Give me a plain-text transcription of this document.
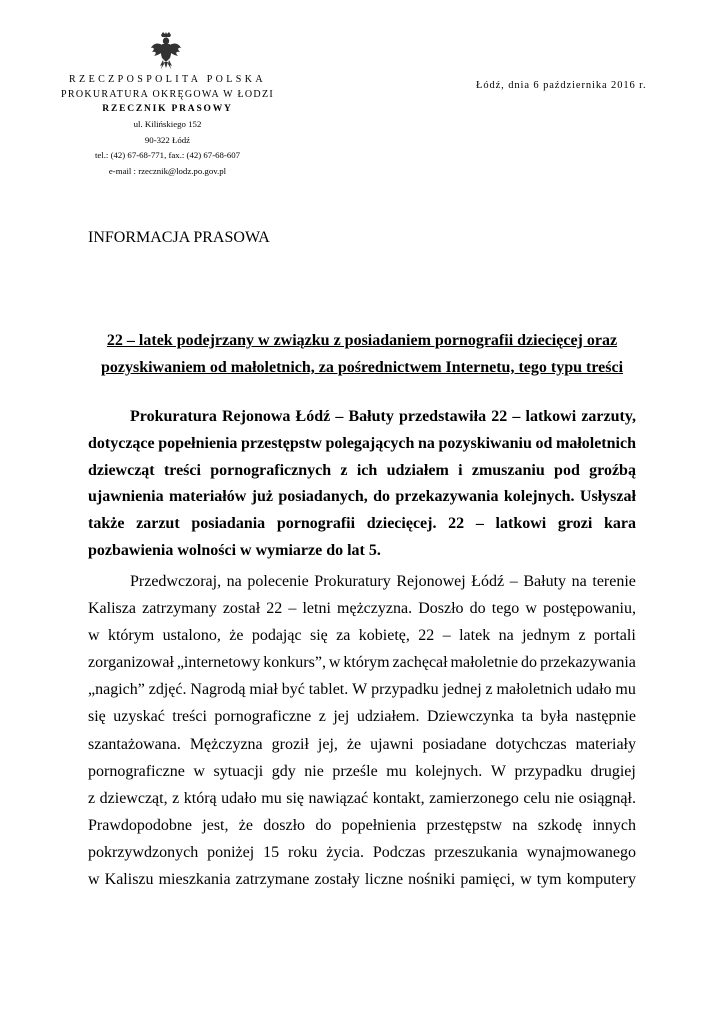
RZECZPOSPOLITA POLSKA
PROKURATURA OKRĘGOWA W ŁODZI
RZECZNIK PRASOWY
ul. Kilińskiego 152
90-322 Łódź
tel.: (42) 67-68-771, fax.: (42) 67-68-607
e-mail : rzecznik@lodz.po.gov.pl
Łódź, dnia 6 października 2016 r.
INFORMACJA PRASOWA
22 – latek podejrzany w związku z posiadaniem pornografii dziecięcej oraz
pozyskiwaniem od małoletnich, za pośrednictwem Internetu, tego typu treści
Prokuratura Rejonowa Łódź – Bałuty przedstawiła 22 – latkowi zarzuty,
dotyczące popełnienia przestępstw polegających na pozyskiwaniu od małoletnich
dziewcząt treści pornograficznych z ich udziałem i zmuszaniu pod groźbą
ujawnienia materiałów już posiadanych, do przekazywania kolejnych. Usłyszał
także zarzut posiadania pornografii dziecięcej. 22 – latkowi grozi kara
pozbawienia wolności w wymiarze do lat 5.
Przedwczoraj, na polecenie Prokuratury Rejonowej Łódź – Bałuty na terenie
Kalisza zatrzymany został 22 – letni mężczyzna. Doszło do tego w postępowaniu,
w którym ustalono, że podając się za kobietę, 22 – latek na jednym z portali
zorganizował „internetowy konkurs”, w którym zachęcał małoletnie do przekazywania
„nagich” zdjęć. Nagrodą miał być tablet. W przypadku jednej z małoletnich udało mu
się uzyskać treści pornograficzne z jej udziałem. Dziewczynka ta była następnie
szantażowana. Mężczyzna groził jej, że ujawni posiadane dotychczas materiały
pornograficzne w sytuacji gdy nie prześle mu kolejnych. W przypadku drugiej
z dziewcząt, z którą udało mu się nawiązać kontakt, zamierzonego celu nie osiągnął.
Prawdopodobne jest, że doszło do popełnienia przestępstw na szkodę innych
pokrzywdzonych poniżej 15 roku życia. Podczas przeszukania wynajmowanego
w Kaliszu mieszkania zatrzymane zostały liczne nośniki pamięci, w tym komputery
